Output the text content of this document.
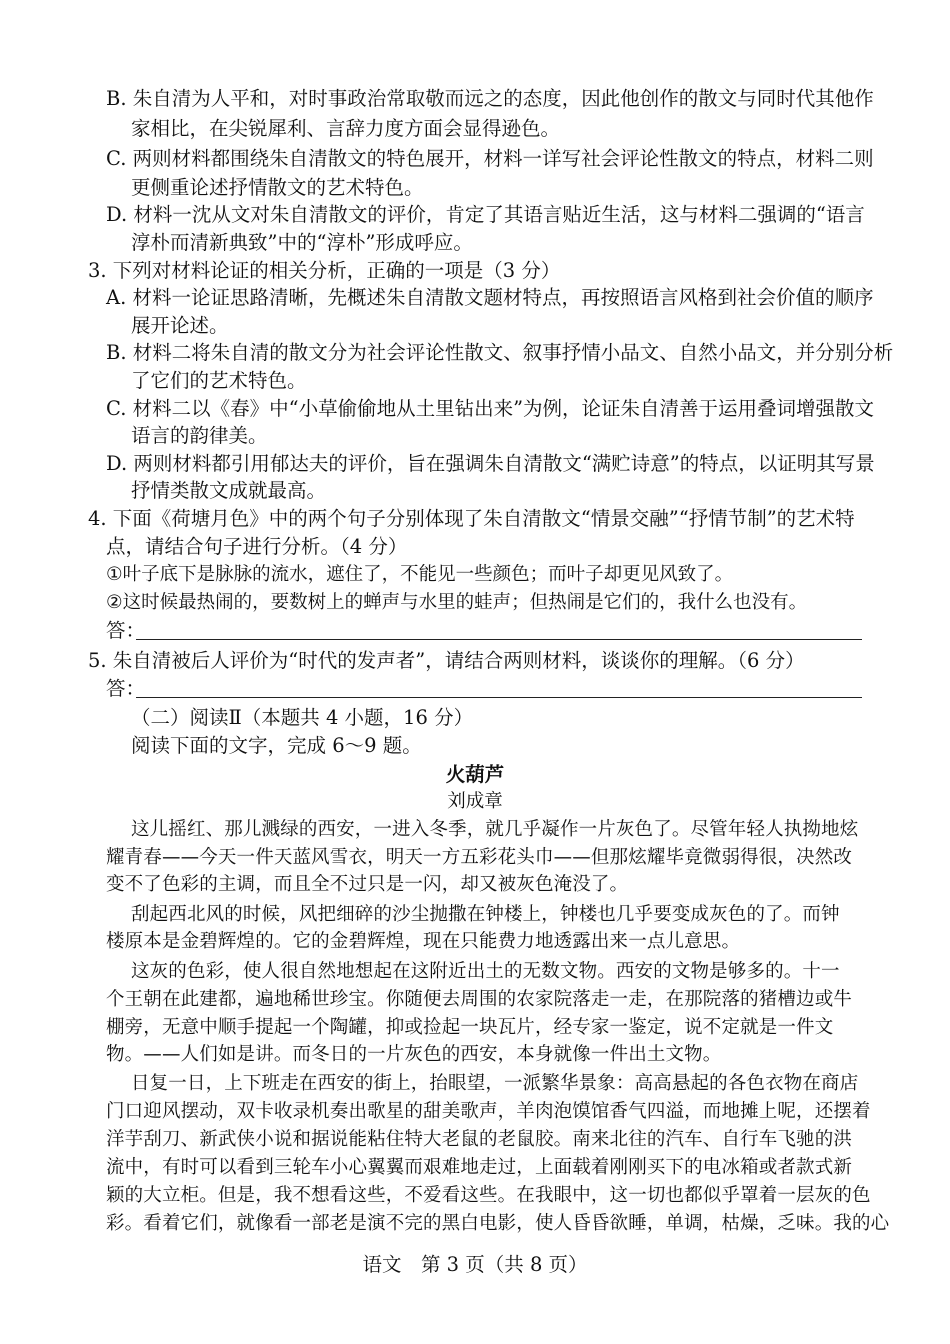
B. 朱自清为人平和，对时事政治常取敬而远之的态度，因此他创作的散文与同时代其他作
家相比，在尖锐犀利、言辞力度方面会显得逊色。
C. 两则材料都围绕朱自清散文的特色展开，材料一详写社会评论性散文的特点，材料二则
更侧重论述抒情散文的艺术特色。
D. 材料一沈从文对朱自清散文的评价，肯定了其语言贴近生活，这与材料二强调的“语言
淳朴而清新典致”中的“淳朴”形成呼应。
3. 下列对材料论证的相关分析，正确的一项是（3 分）
A. 材料一论证思路清晰，先概述朱自清散文题材特点，再按照语言风格到社会价值的顺序
展开论述。
B. 材料二将朱自清的散文分为社会评论性散文、叙事抒情小品文、自然小品文，并分别分析
了它们的艺术特色。
C. 材料二以《春》中“小草偷偷地从土里钻出来”为例，论证朱自清善于运用叠词增强散文
语言的韵律美。
D. 两则材料都引用郁达夫的评价，旨在强调朱自清散文“满贮诗意”的特点，以证明其写景
抒情类散文成就最高。
4. 下面《荷塘月色》中的两个句子分别体现了朱自清散文“情景交融”“抒情节制”的艺术特
点，请结合句子进行分析。（4 分）
①叶子底下是脉脉的流水，遮住了，不能见一些颜色；而叶子却更见风致了。
②这时候最热闹的，要数树上的蝉声与水里的蛙声；但热闹是它们的，我什么也没有。
答：
5. 朱自清被后人评价为“时代的发声者”，请结合两则材料，谈谈你的理解。（6 分）
答：
（二）阅读Ⅱ（本题共 4 小题，16 分）
阅读下面的文字，完成 6～9 题。
火葫芦
刘成章
这儿摇红、那儿溅绿的西安，一进入冬季，就几乎凝作一片灰色了。尽管年轻人执拗地炫
耀青春——今天一件天蓝风雪衣，明天一方五彩花头巾——但那炫耀毕竟微弱得很，决然改
变不了色彩的主调，而且全不过只是一闪，却又被灰色淹没了。
刮起西北风的时候，风把细碎的沙尘抛撒在钟楼上，钟楼也几乎要变成灰色的了。而钟
楼原本是金碧辉煌的。它的金碧辉煌，现在只能费力地透露出来一点儿意思。
这灰的色彩，使人很自然地想起在这附近出土的无数文物。西安的文物是够多的。十一
个王朝在此建都，遍地稀世珍宝。你随便去周围的农家院落走一走，在那院落的猪槽边或牛
棚旁，无意中顺手提起一个陶罐，抑或捡起一块瓦片，经专家一鉴定，说不定就是一件文
物。——人们如是讲。而冬日的一片灰色的西安，本身就像一件出土文物。
日复一日，上下班走在西安的街上，抬眼望，一派繁华景象：高高悬起的各色衣物在商店
门口迎风摆动，双卡收录机奏出歌星的甜美歌声，羊肉泡馍馆香气四溢，而地摊上呢，还摆着
洋芋刮刀、新武侠小说和据说能粘住特大老鼠的老鼠胶。南来北往的汽车、自行车飞驰的洪
流中，有时可以看到三轮车小心翼翼而艰难地走过，上面载着刚刚买下的电冰箱或者款式新
颖的大立柜。但是，我不想看这些，不爱看这些。在我眼中，这一切也都似乎罩着一层灰的色
彩。看着它们，就像看一部老是演不完的黑白电影，使人昏昏欲睡，单调，枯燥，乏味。我的心
语文　第 3 页（共 8 页）
